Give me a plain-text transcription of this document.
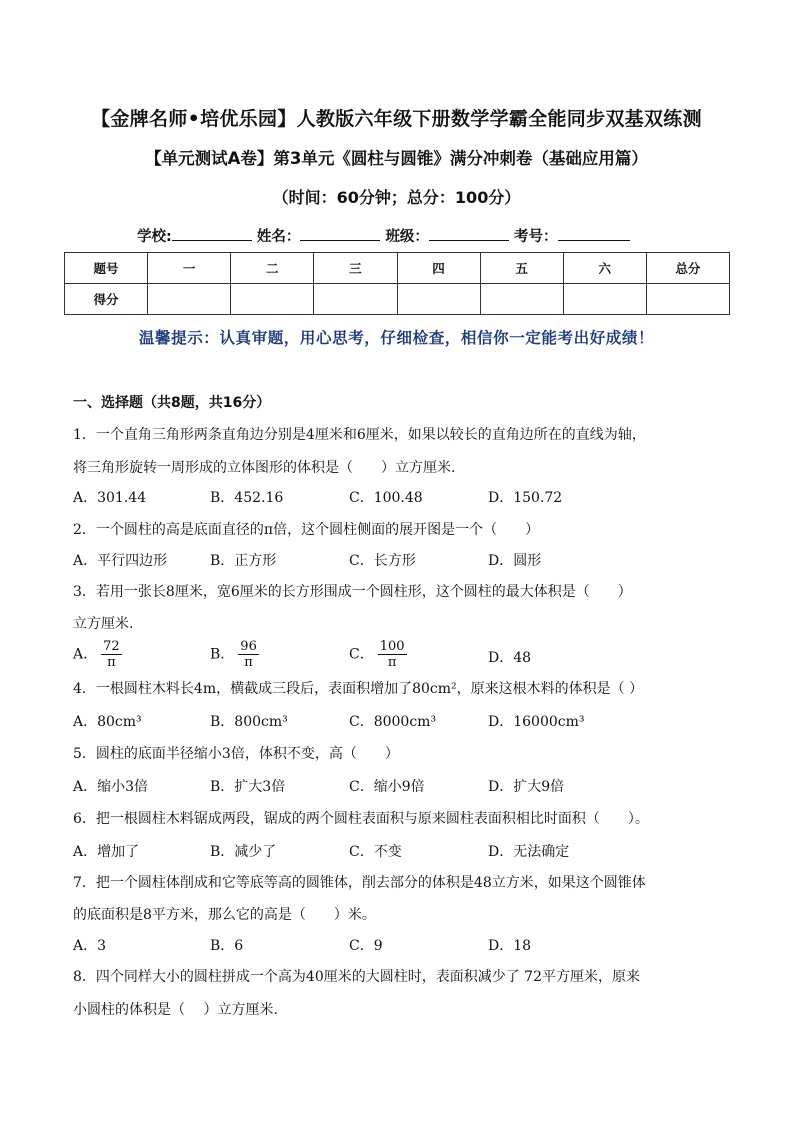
【金牌名师•培优乐园】人教版六年级下册数学学霸全能同步双基双练测
【单元测试A卷】第3单元《圆柱与圆锥》满分冲刺卷（基础应用篇）
（时间：60分钟；总分：100分）
学校:	姓名：	班级：	考号：
题号	一	二	三	四	五	六	总分
得分							
温馨提示：认真审题，用心思考，仔细检查，相信你一定能考出好成绩！
一、选择题（共8题，共16分）
1．一个直角三角形两条直角边分别是4厘米和6厘米，如果以较长的直角边所在的直线为轴，
将三角形旋转一周形成的立体图形的体积是（　　）立方厘米.
A．301.44	B．452.16	C．100.48	D．150.72
2．一个圆柱的高是底面直径的π倍，这个圆柱侧面的展开图是一个（　　）
A．平行四边形	B．正方形	C．长方形	D．圆形
3．若用一张长8厘米，宽6厘米的长方形围成一个圆柱形，这个圆柱的最大体积是（　　）
立方厘米.
A． $\frac{72}{\pi}$	B． $\frac{96}{\pi}$	C． $\frac{100}{\pi}$	D．48
4．一根圆柱木料长4m，横截成三段后，表面积增加了80cm²，原来这根木料的体积是（ ）
A．80cm³	B．800cm³	C．8000cm³	D．16000cm³
5．圆柱的底面半径缩小3倍，体积不变，高（　　）
A．缩小3倍	B．扩大3倍	C．缩小9倍	D．扩大9倍
6．把一根圆柱木料锯成两段，锯成的两个圆柱表面积与原来圆柱表面积相比时面积（　　）。
A．增加了	B．减少了	C．不变	D．无法确定
7．把一个圆柱体削成和它等底等高的圆锥体，削去部分的体积是48立方米，如果这个圆锥体
的底面积是8平方米，那么它的高是（　　）米。
A．3	B．6	C．9	D．18
8．四个同样大小的圆柱拼成一个高为40厘米的大圆柱时，表面积减少了 72平方厘米，原来
小圆柱的体积是（　 ）立方厘米.
